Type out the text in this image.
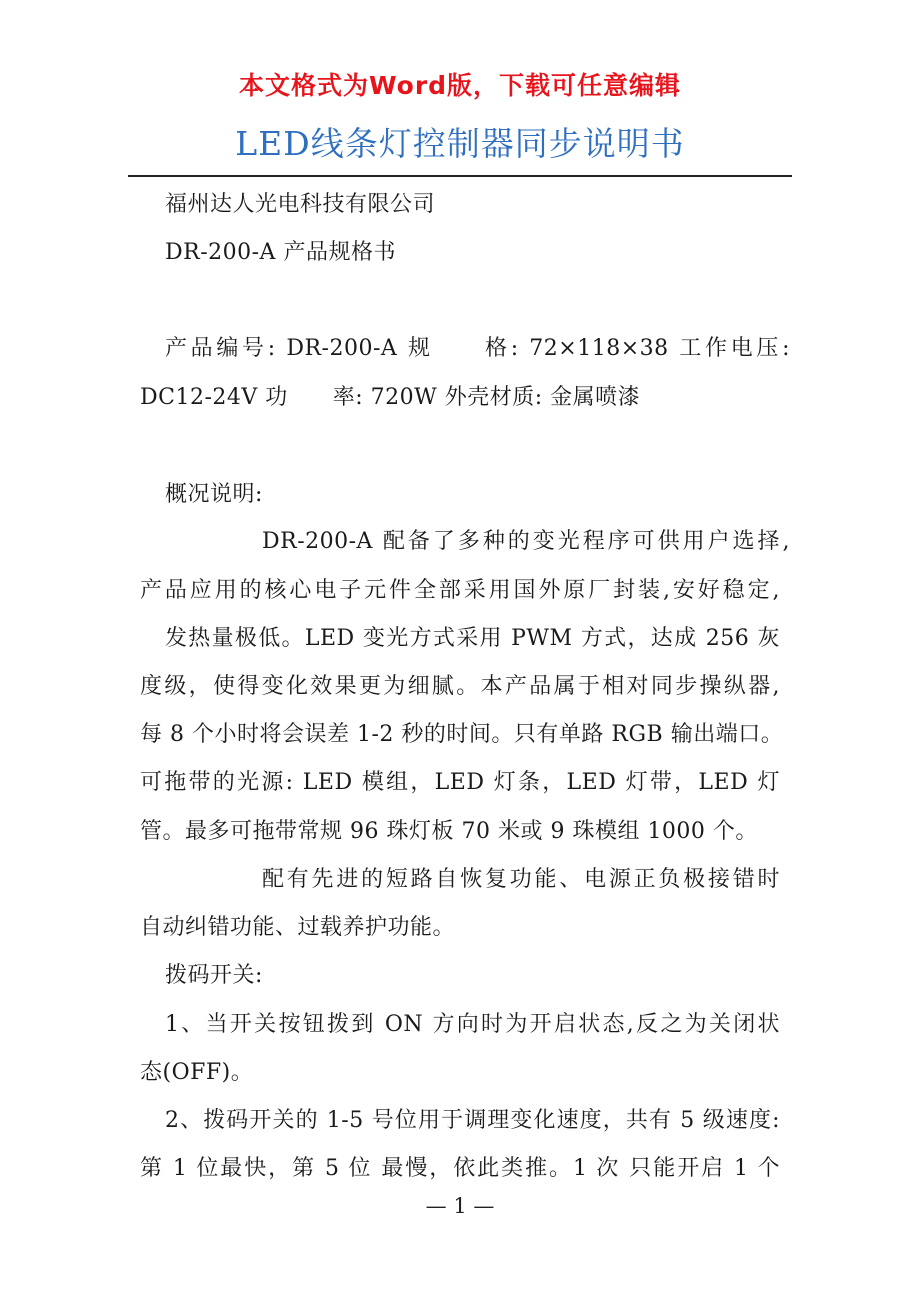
本文格式为Word版，下载可任意编辑
LED线条灯控制器同步说明书
福州达人光电科技有限公司
DR-200-A 产品规格书
产品编号: DR-200-A 规　　格: 72×118×38 工作电压:
DC12-24V 功　　率: 720W 外壳材质: 金属喷漆
概况说明:
DR-200-A 配备了多种的变光程序可供用户选择,
产品应用的核心电子元件全部采用国外原厂封装,安好稳定,
发热量极低。LED 变光方式采用 PWM 方式，达成 256 灰
度级，使得变化效果更为细腻。本产品属于相对同步操纵器,
每 8 个小时将会误差 1-2 秒的时间。只有单路 RGB 输出端口。
可拖带的光源: LED 模组，LED 灯条，LED 灯带，LED 灯
管。最多可拖带常规 96 珠灯板 70 米或 9 珠模组 1000 个。
配有先进的短路自恢复功能、电源正负极接错时
自动纠错功能、过载养护功能。
拨码开关:
1、当开关按钮拨到 ON 方向时为开启状态,反之为关闭状
态(OFF)。
2、拨码开关的 1-5 号位用于调理变化速度，共有 5 级速度:
第 1 位最快，第 5 位 最慢，依此类推。1 次 只能开启 1 个
— 1 —
